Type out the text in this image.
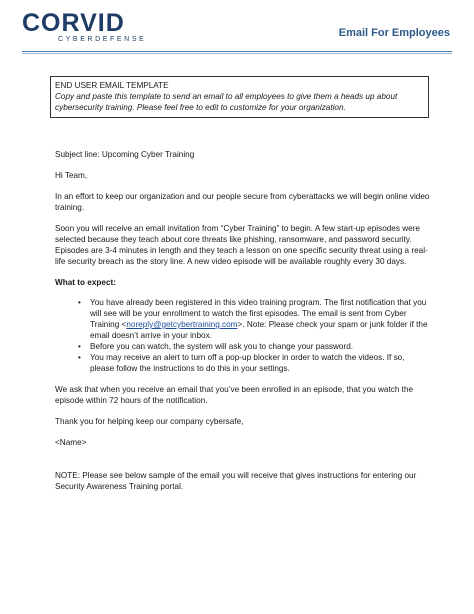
CORVID
CYBERDEFENSE
Email For Employees
END USER EMAIL TEMPLATE
Copy and paste this template to send an email to all employees to give them a heads up about cybersecurity training. Please feel free to edit to customize for your organization.

Subject line: Upcoming Cyber Training

Hi Team,

In an effort to keep our organization and our people secure from cyberattacks we will begin online video training.

Soon you will receive an email invitation from “Cyber Training” to begin. A few start-up episodes were selected because they teach about core threats like phishing, ransomware, and password security. Episodes are 3-4 minutes in length and they teach a lesson on one specific security threat using a real-life security breach as the story line. A new video episode will be available roughly every 30 days.

What to expect:

• You have already been registered in this video training program. The first notification that you will see will be your enrollment to watch the first episodes. The email is sent from Cyber Training <noreply@getcybertraining.com>. Note: Please check your spam or junk folder if the email doesn’t arrive in your inbox.
• Before you can watch, the system will ask you to change your password.
• You may receive an alert to turn off a pop-up blocker in order to watch the videos. If so, please follow the instructions to do this in your settings.

We ask that when you receive an email that you’ve been enrolled in an episode, that you watch the episode within 72 hours of the notification.

Thank you for helping keep our company cybersafe,

<Name>

NOTE: Please see below sample of the email you will receive that gives instructions for entering our Security Awareness Training portal.
